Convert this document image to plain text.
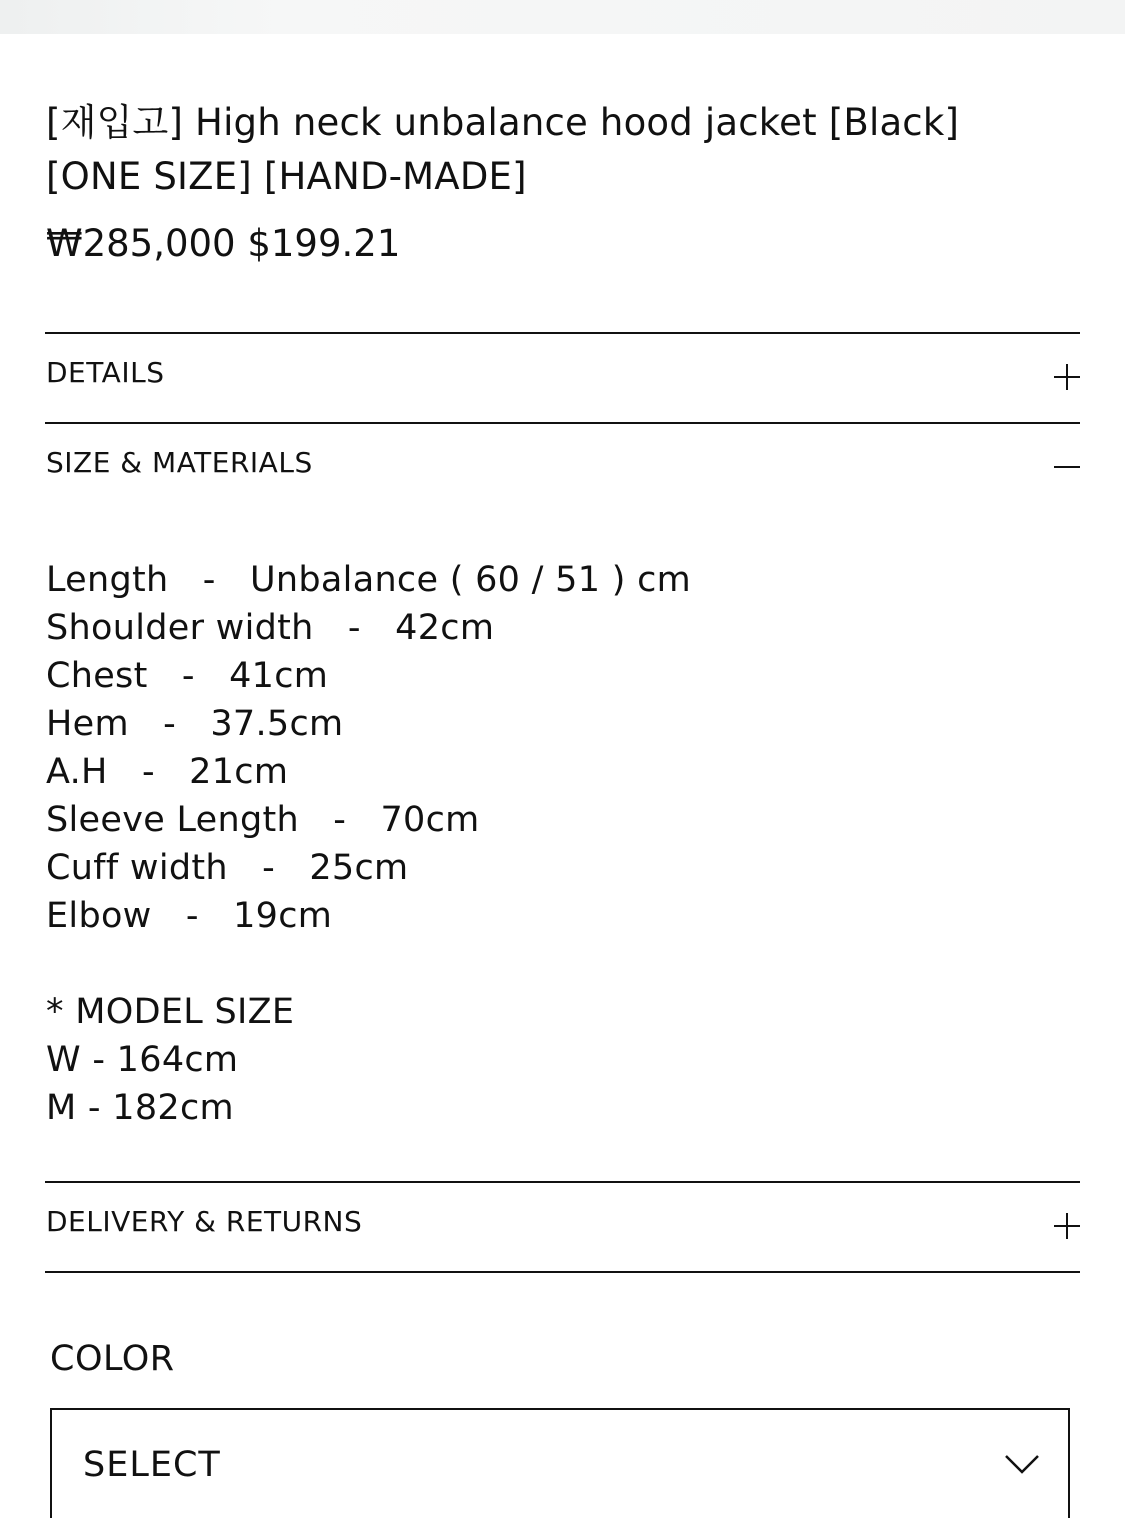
[재입고] High neck unbalance hood jacket [Black]
[ONE SIZE] [HAND-MADE]
₩285,000 $199.21
DETAILS
SIZE & MATERIALS
Length   -   Unbalance ( 60 / 51 ) cm
Shoulder width   -   42cm
Chest   -   41cm
Hem   -   37.5cm
A.H   -   21cm
Sleeve Length   -   70cm
Cuff width   -   25cm
Elbow   -   19cm
* MODEL SIZE
W - 164cm
M - 182cm
DELIVERY & RETURNS
COLOR
SELECT
